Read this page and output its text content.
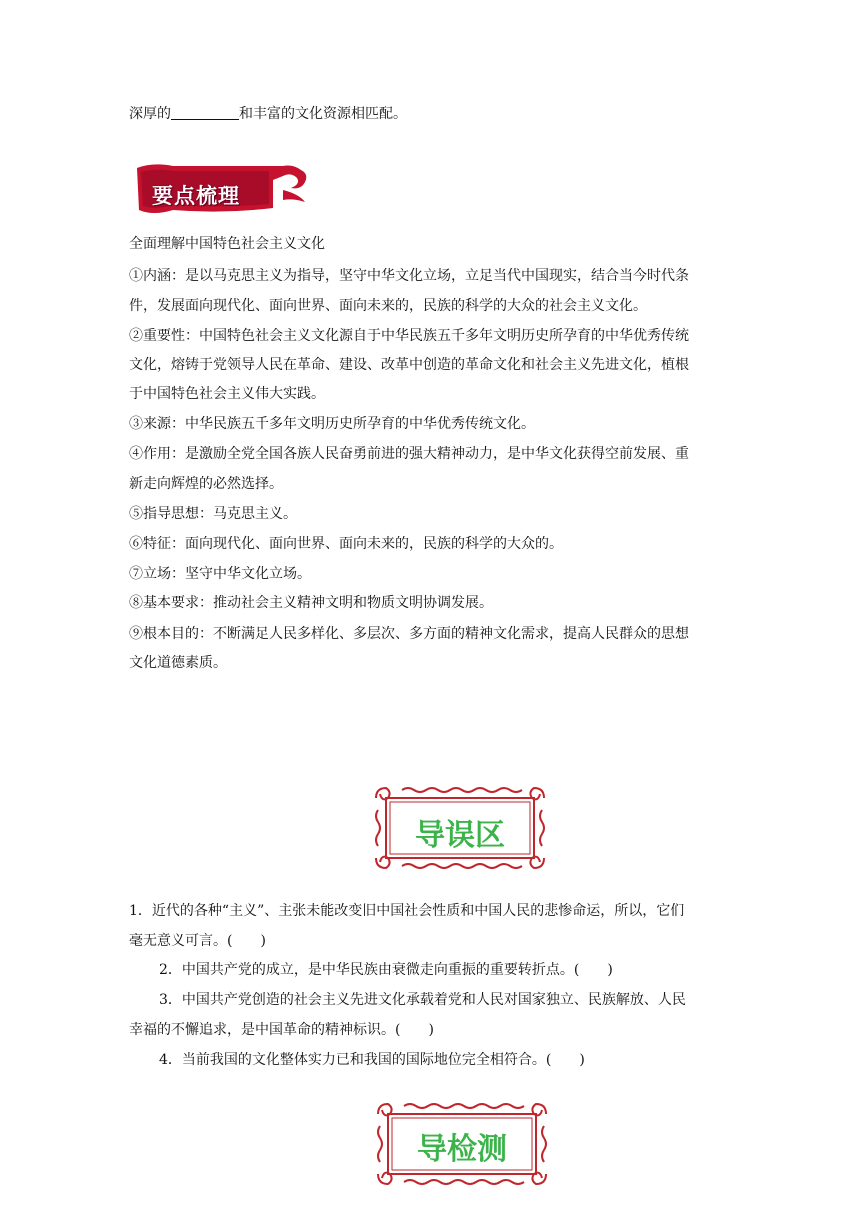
深厚的	和丰富的文化资源相匹配。
要点梳理
全面理解中国特色社会主义文化
①内涵：是以马克思主义为指导，坚守中华文化立场，立足当代中国现实，结合当今时代条
件，发展面向现代化、面向世界、面向未来的，民族的科学的大众的社会主义文化。
②重要性：中国特色社会主义文化源自于中华民族五千多年文明历史所孕育的中华优秀传统
文化，熔铸于党领导人民在革命、建设、改革中创造的革命文化和社会主义先进文化，植根
于中国特色社会主义伟大实践。
③来源：中华民族五千多年文明历史所孕育的中华优秀传统文化。
④作用：是激励全党全国各族人民奋勇前进的强大精神动力，是中华文化获得空前发展、重
新走向辉煌的必然选择。
⑤指导思想：马克思主义。
⑥特征：面向现代化、面向世界、面向未来的，民族的科学的大众的。
⑦立场：坚守中华文化立场。
⑧基本要求：推动社会主义精神文明和物质文明协调发展。
⑨根本目的：不断满足人民多样化、多层次、多方面的精神文化需求，提高人民群众的思想
文化道德素质。
导误区
1．近代的各种“主义”、主张未能改变旧中国社会性质和中国人民的悲惨命运，所以，它们
毫无意义可言。(　　)
2．中国共产党的成立，是中华民族由衰微走向重振的重要转折点。(　　)
3．中国共产党创造的社会主义先进文化承载着党和人民对国家独立、民族解放、人民
幸福的不懈追求，是中国革命的精神标识。(　　)
4．当前我国的文化整体实力已和我国的国际地位完全相符合。(　　)
导检测
